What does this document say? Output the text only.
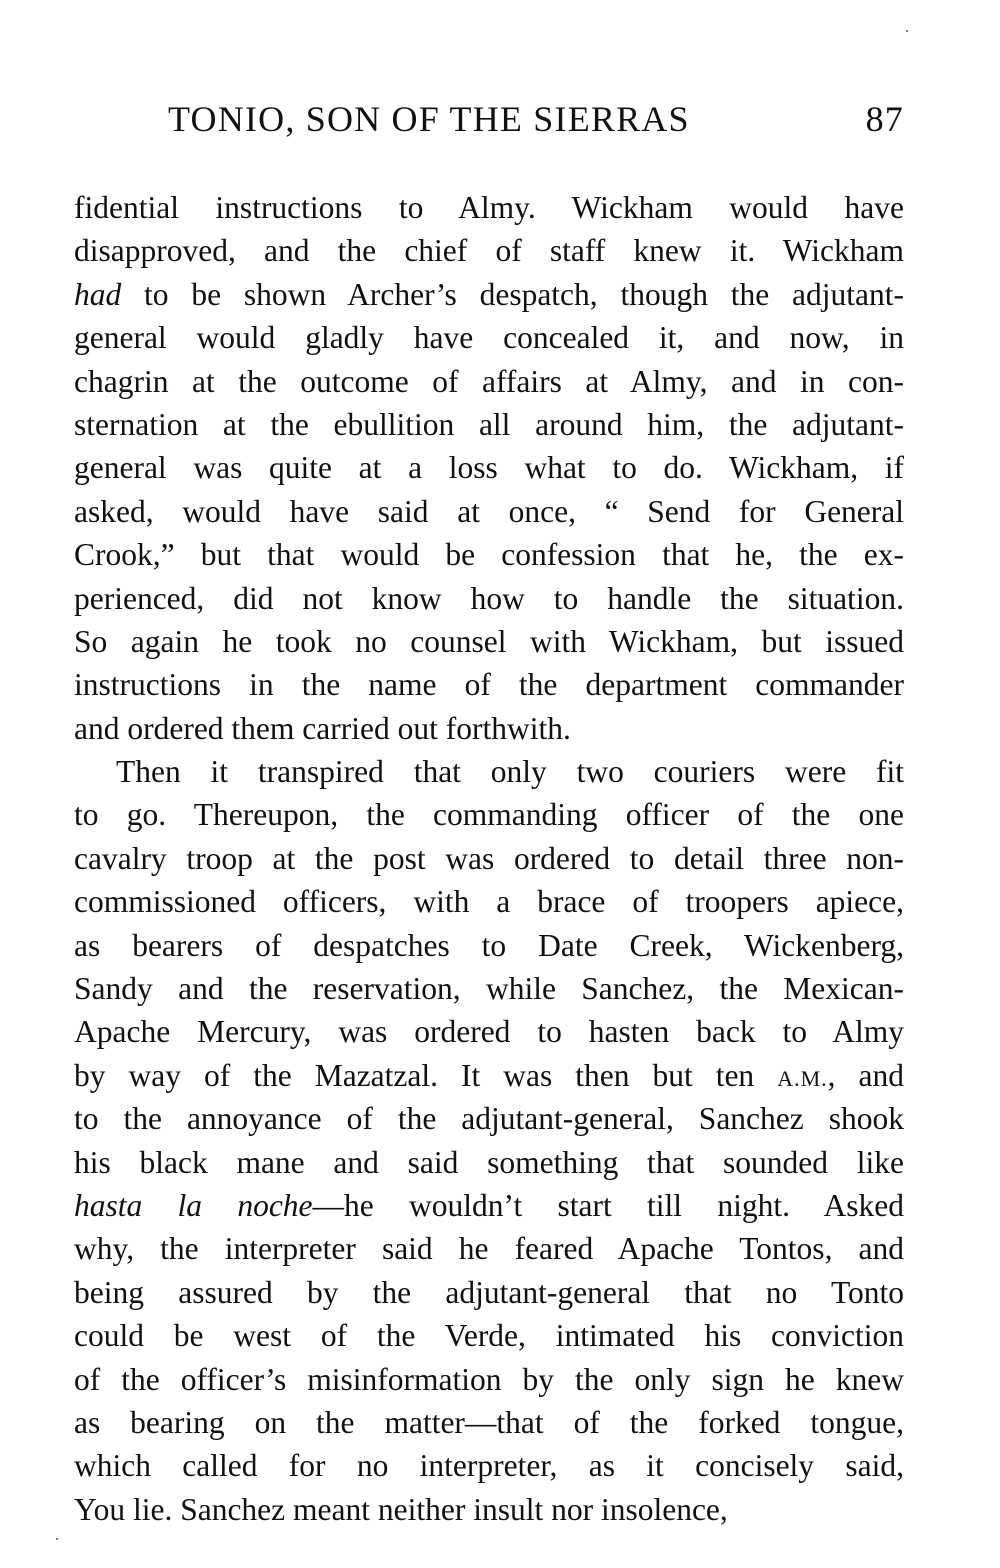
TONIO, SON OF THE SIERRAS	87
fidential instructions to Almy. Wickham would have
disapproved, and the chief of staff knew it. Wickham
had to be shown Archer’s despatch, though the adjutant-
general would gladly have concealed it, and now, in
chagrin at the outcome of affairs at Almy, and in con-
sternation at the ebullition all around him, the adjutant-
general was quite at a loss what to do. Wickham, if
asked, would have said at once, “ Send for General
Crook,” but that would be confession that he, the ex-
perienced, did not know how to handle the situation.
So again he took no counsel with Wickham, but issued
instructions in the name of the department commander
and ordered them carried out forthwith.
Then it transpired that only two couriers were fit
to go. Thereupon, the commanding officer of the one
cavalry troop at the post was ordered to detail three non-
commissioned officers, with a brace of troopers apiece,
as bearers of despatches to Date Creek, Wickenberg,
Sandy and the reservation, while Sanchez, the Mexican-
Apache Mercury, was ordered to hasten back to Almy
by way of the Mazatzal. It was then but ten A.M., and
to the annoyance of the adjutant-general, Sanchez shook
his black mane and said something that sounded like
hasta la noche—he wouldn’t start till night. Asked
why, the interpreter said he feared Apache Tontos, and
being assured by the adjutant-general that no Tonto
could be west of the Verde, intimated his conviction
of the officer’s misinformation by the only sign he knew
as bearing on the matter—that of the forked tongue,
which called for no interpreter, as it concisely said,
You lie. Sanchez meant neither insult nor insolence,
